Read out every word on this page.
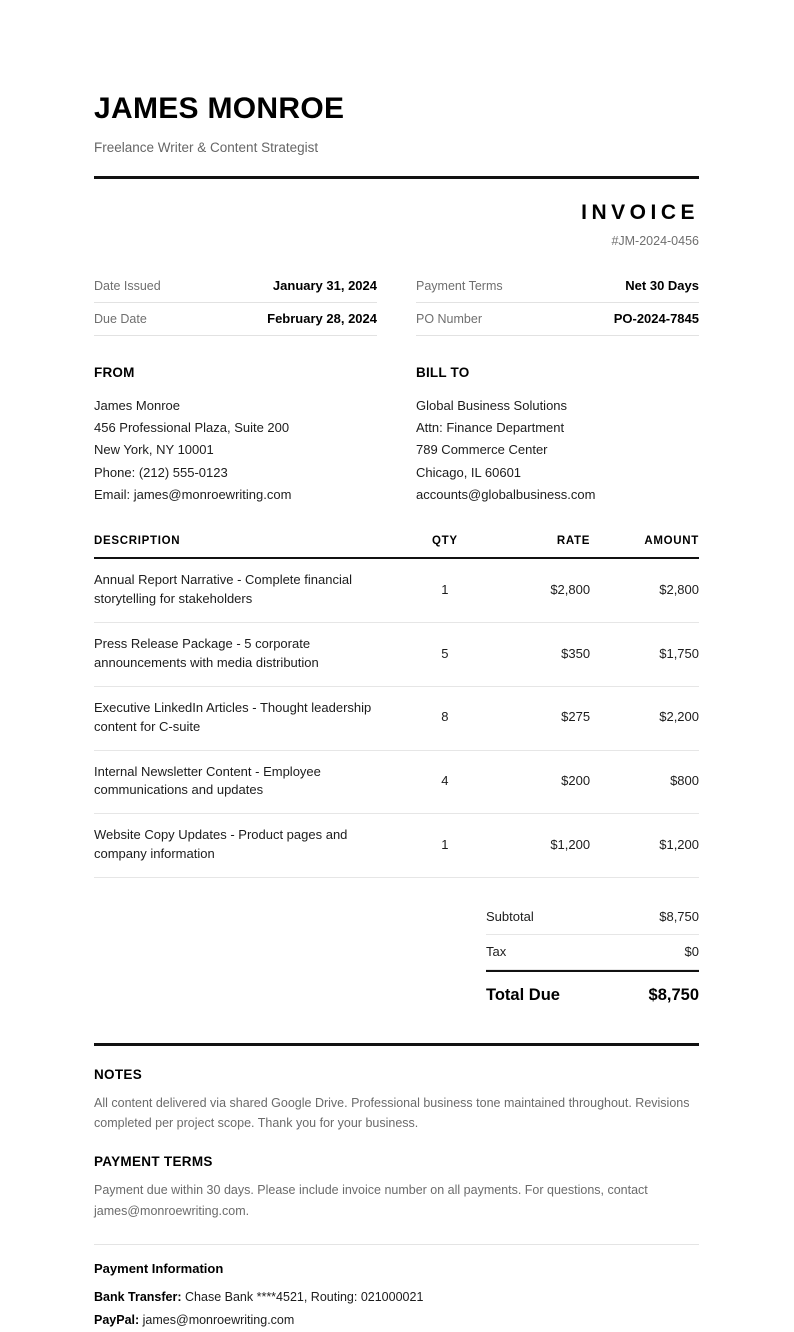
JAMES MONROE

Freelance Writer & Content Strategist

INVOICE
#JM-2024-0456
Date Issued	January 31, 2024	Payment Terms	Net 30 Days
Due Date	February 28, 2024	PO Number	PO-2024-7845
FROM
James Monroe
456 Professional Plaza, Suite 200
New York, NY 10001
Phone: (212) 555-0123
Email: james@monroewriting.com
BILL TO
Global Business Solutions
Attn: Finance Department
789 Commerce Center
Chicago, IL 60601
accounts@globalbusiness.com
DESCRIPTION	QTY	RATE	AMOUNT
Annual Report Narrative - Complete financial storytelling for stakeholders	1	$2,800	$2,800
Press Release Package - 5 corporate announcements with media distribution	5	$350	$1,750
Executive LinkedIn Articles - Thought leadership content for C-suite	8	$275	$2,200
Internal Newsletter Content - Employee communications and updates	4	$200	$800
Website Copy Updates - Product pages and company information	1	$1,200	$1,200
Subtotal	$8,750
Tax	$0
Total Due	$8,750
NOTES

All content delivered via shared Google Drive. Professional business tone maintained throughout. Revisions completed per project scope. Thank you for your business.

PAYMENT TERMS

Payment due within 30 days. Please include invoice number on all payments. For questions, contact james@monroewriting.com.

Payment Information
Bank Transfer: Chase Bank ****4521, Routing: 021000021
PayPal: james@monroewriting.com
